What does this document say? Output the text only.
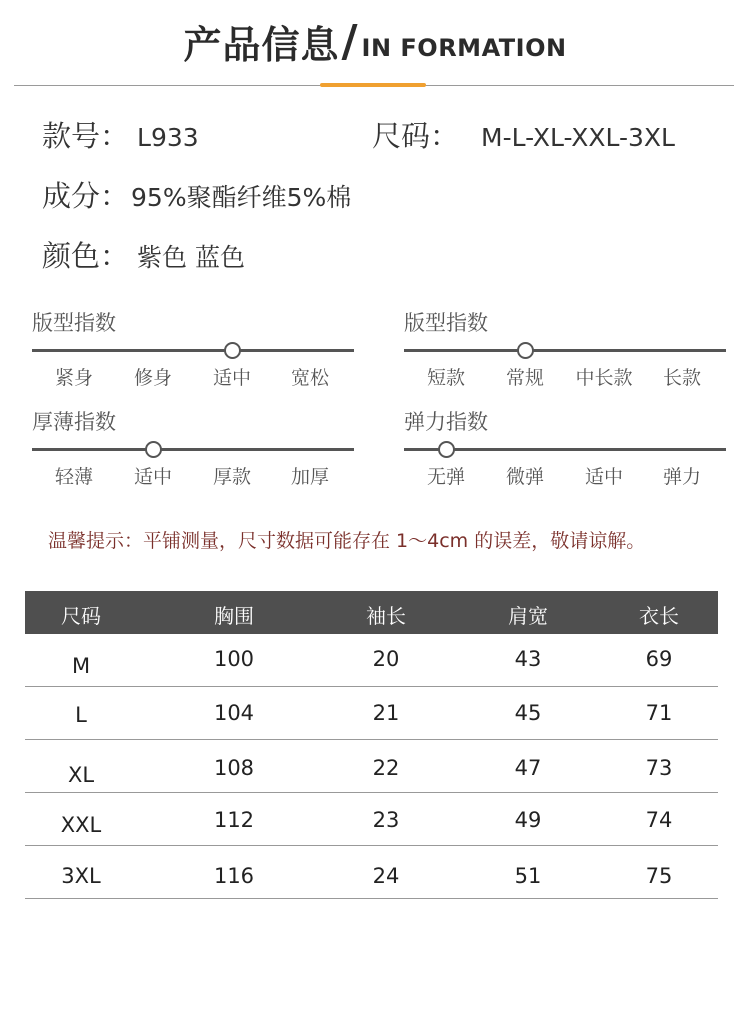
产品信息/ IN FORMATION
款号： L933	尺码： M-L-XL-XXL-3XL
成分：95%聚酯纤维5%棉
颜色： 紫色 蓝色
版型指数
紧身	修身	适中	宽松
版型指数
短款	常规	中长款	长款
厚薄指数
轻薄	适中	厚款	加厚
弹力指数
无弹	微弹	适中	弹力
温馨提示：平铺测量，尺寸数据可能存在 1～4cm 的误差，敬请谅解。
尺码	胸围	袖长	肩宽	衣长
M	100	20	43	69
L	104	21	45	71
XL	108	22	47	73
XXL	112	23	49	74
3XL	116	24	51	75
